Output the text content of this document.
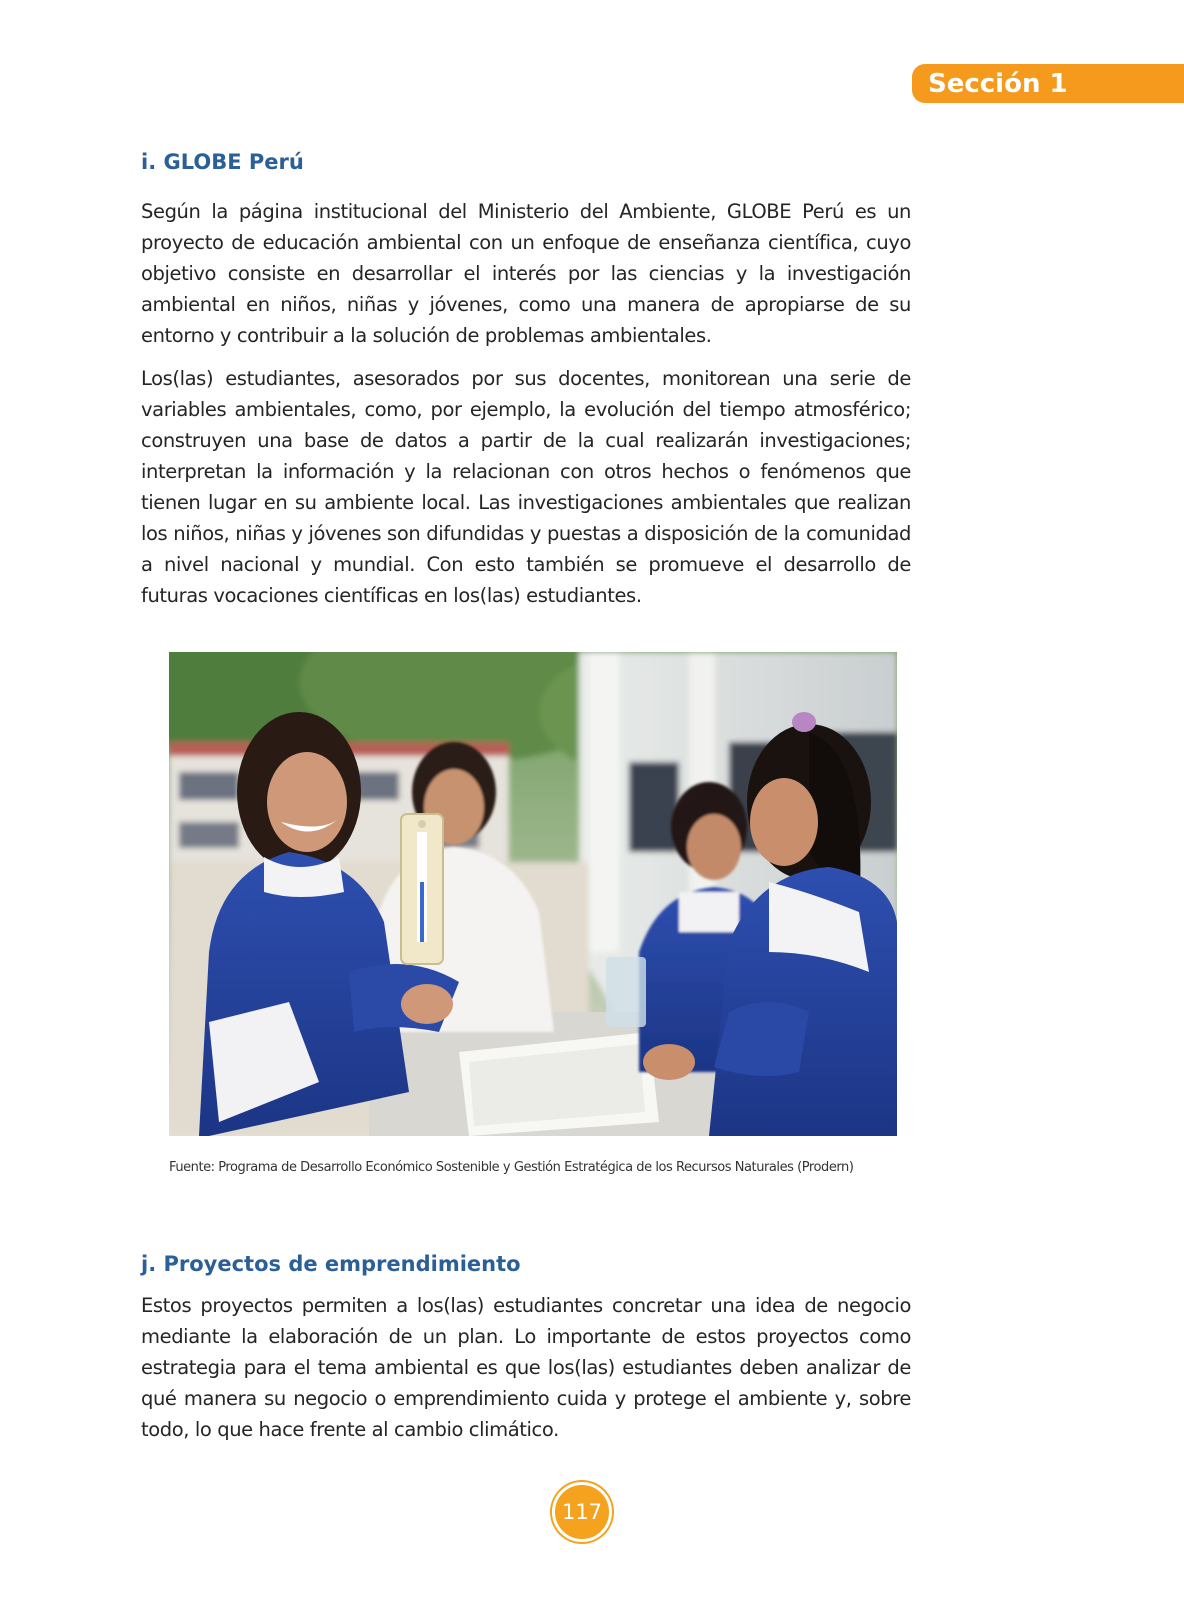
Sección 1
i. GLOBE Perú

Según la página institucional del Ministerio del Ambiente, GLOBE Perú es un proyecto de educación ambiental con un enfoque de enseñanza científica, cuyo objetivo consiste en desarrollar el interés por las ciencias y la investigación ambiental en niños, niñas y jóvenes, como una manera de apropiarse de su entorno y contribuir a la solución de problemas ambientales.

Los(las) estudiantes, asesorados por sus docentes, monitorean una serie de variables ambientales, como, por ejemplo, la evolución del tiempo atmosférico; construyen una base de datos a partir de la cual realizarán investigaciones; interpretan la información y la relacionan con otros hechos o fenómenos que tienen lugar en su ambiente local. Las investigaciones ambientales que realizan los niños, niñas y jóvenes son difundidas y puestas a disposición de la comunidad a nivel nacional y mundial. Con esto también se promueve el desarrollo de futuras vocaciones científicas en los(las) estudiantes.

Fuente: Programa de Desarrollo Económico Sostenible y Gestión Estratégica de los Recursos Naturales (Prodern)
j. Proyectos de emprendimiento

Estos proyectos permiten a los(las) estudiantes concretar una idea de negocio mediante la elaboración de un plan. Lo importante de estos proyectos como estrategia para el tema ambiental es que los(las) estudiantes deben analizar de qué manera su negocio o emprendimiento cuida y protege el ambiente y, sobre todo, lo que hace frente al cambio climático.

117
